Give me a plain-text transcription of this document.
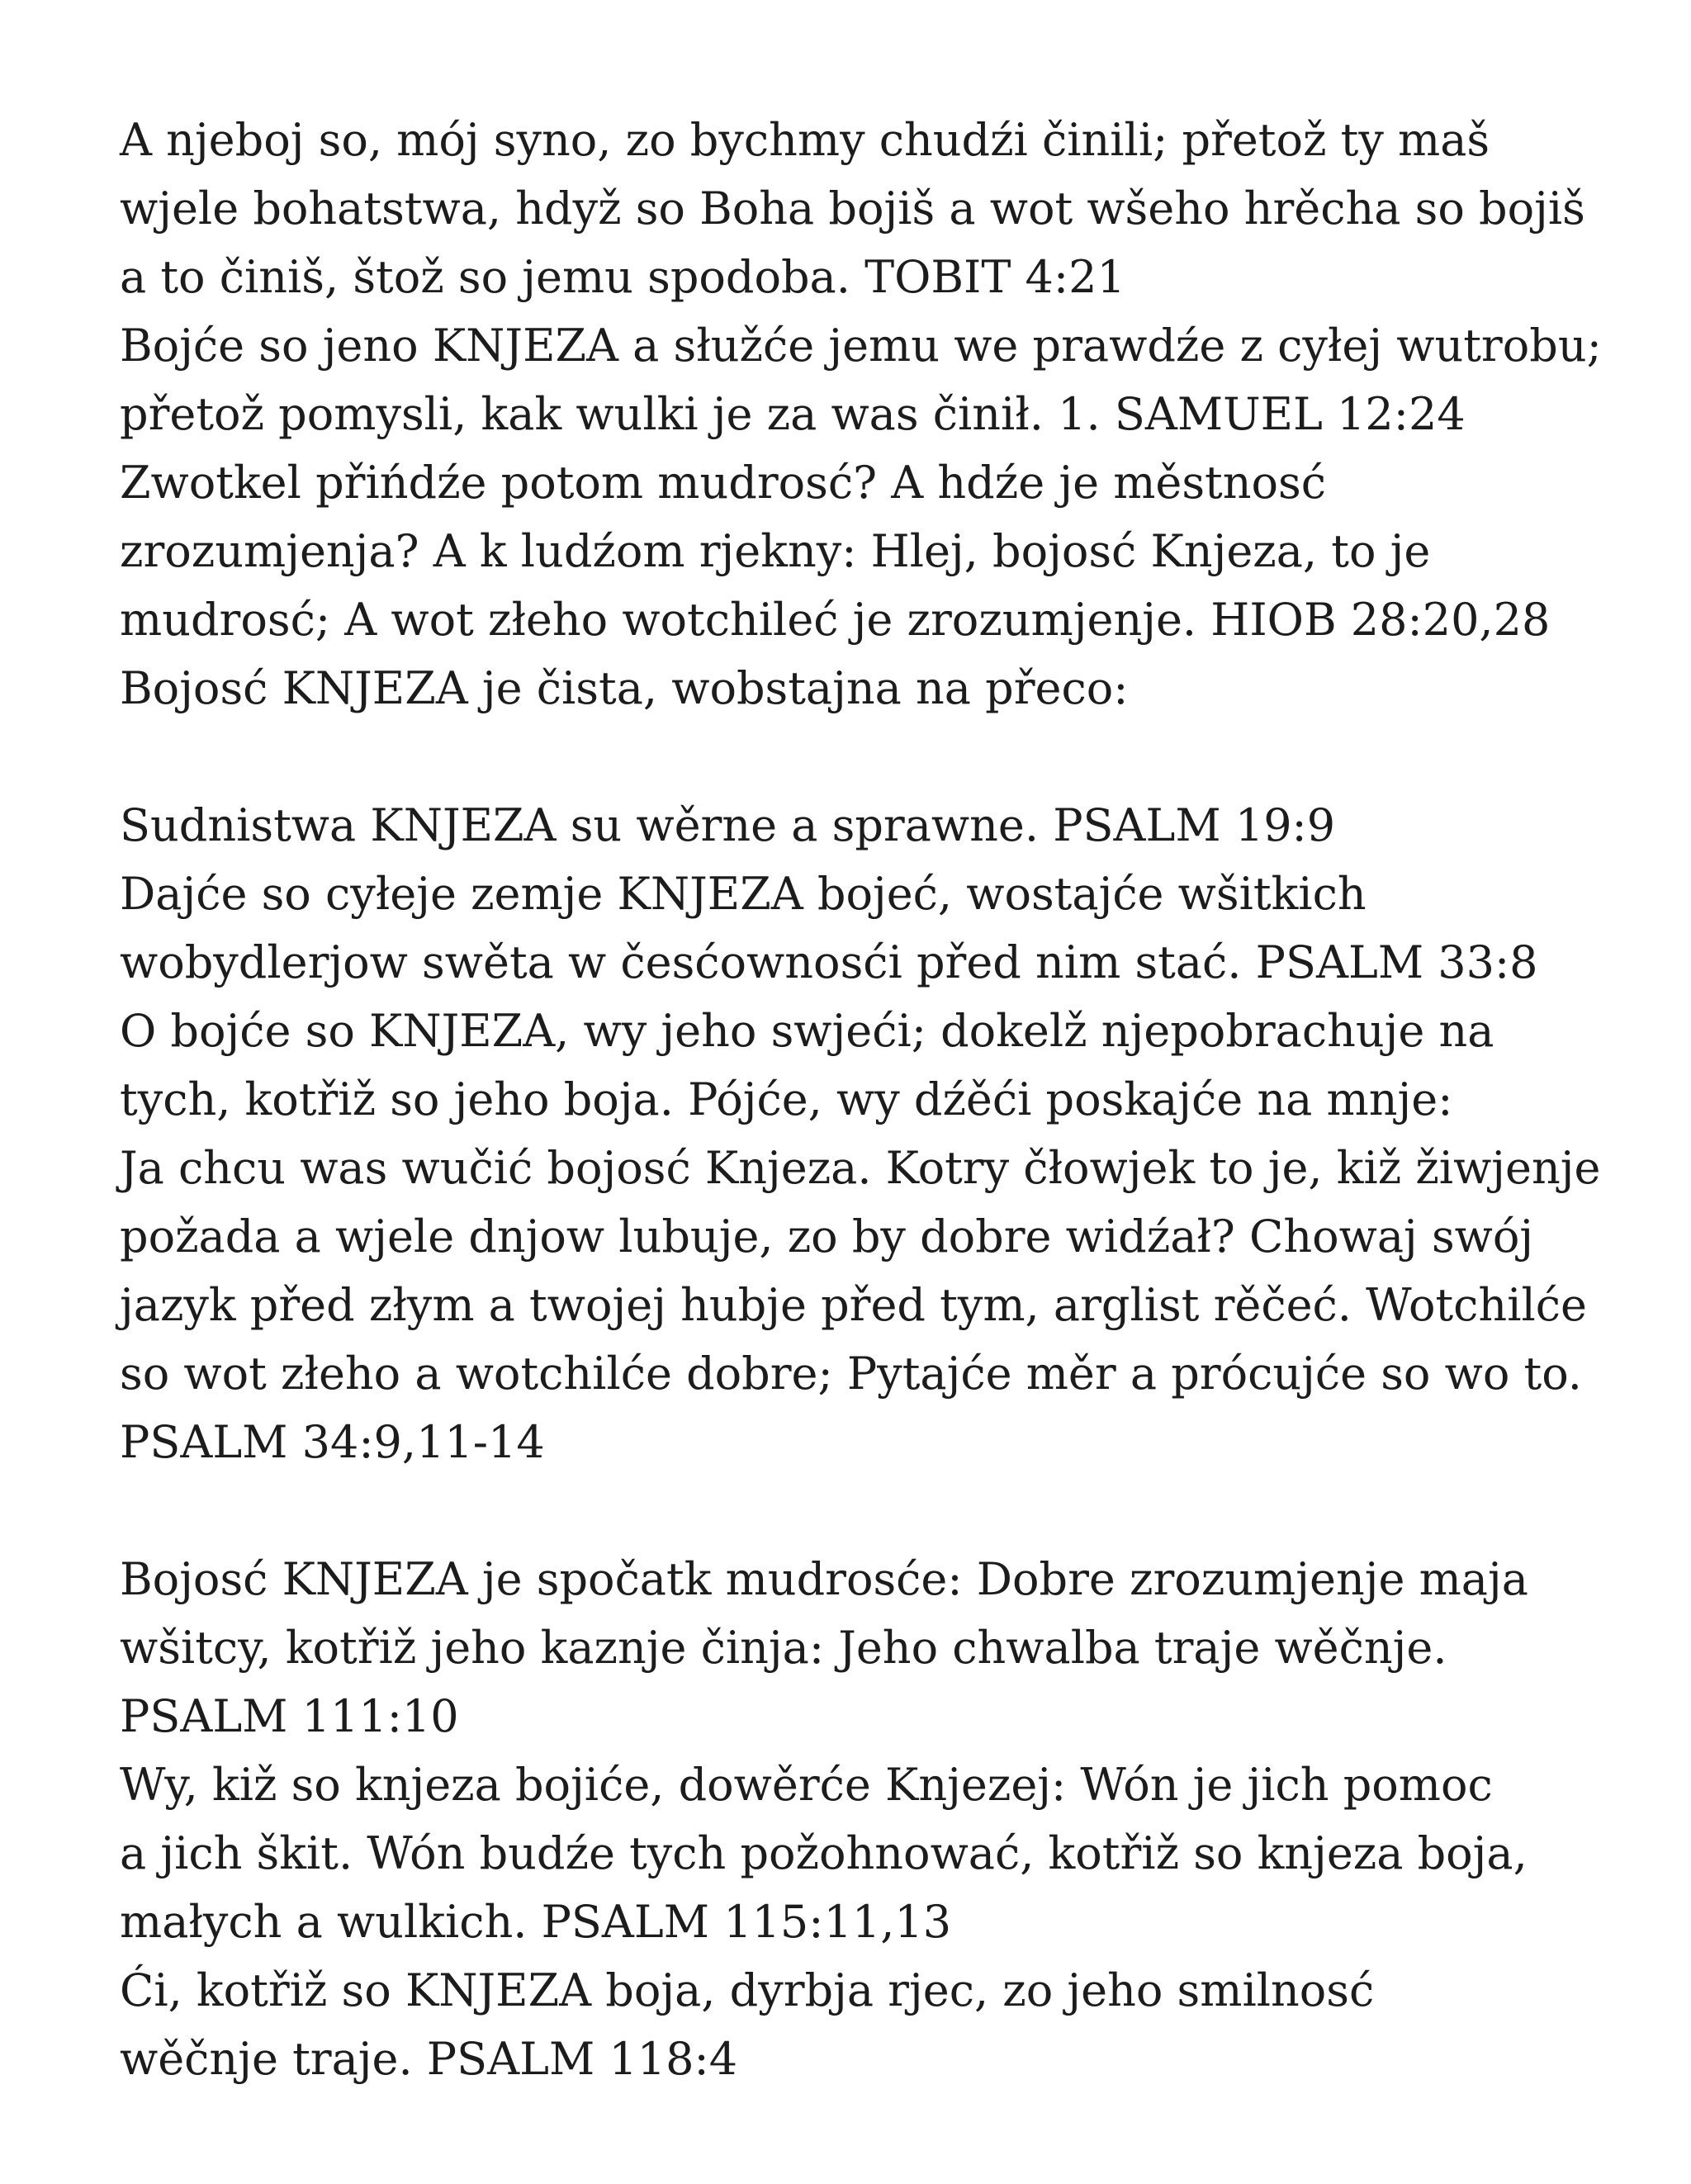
A njeboj so, mój syno, zo bychmy chudźi činili; přetož ty maš
wjele bohatstwa, hdyž so Boha bojiš a wot wšeho hrěcha so bojiš
a to činiš, štož so jemu spodoba. TOBIT 4:21
Bojće so jeno KNJEZA a słužće jemu we prawdźe z cyłej wutrobu;
přetož pomysli, kak wulki je za was činił. 1. SAMUEL 12:24
Zwotkel přińdźe potom mudrosć? A hdźe je městnosć
zrozumjenja? A k ludźom rjekny: Hlej, bojosć Knjeza, to je
mudrosć; A wot złeho wotchileć je zrozumjenje. HIOB 28:20,28
Bojosć KNJEZA je čista, wobstajna na přeco:
Sudnistwa KNJEZA su wěrne a sprawne. PSALM 19:9
Dajće so cyłeje zemje KNJEZA bojeć, wostajće wšitkich
wobydlerjow swěta w česćownosći před nim stać. PSALM 33:8
O bojće so KNJEZA, wy jeho swjeći; dokelž njepobrachuje na
tych, kotřiž so jeho boja. Pójće, wy dźěći poskajće na mnje:
Ja chcu was wučić bojosć Knjeza. Kotry čłowjek to je, kiž žiwjenje
požada a wjele dnjow lubuje, zo by dobre widźał? Chowaj swój
jazyk před złym a twojej hubje před tym, arglist rěčeć. Wotchilće
so wot złeho a wotchilće dobre; Pytajće měr a prócujće so wo to.
PSALM 34:9,11-14
Bojosć KNJEZA je spočatk mudrosće: Dobre zrozumjenje maja
wšitcy, kotřiž jeho kaznje činja: Jeho chwalba traje wěčnje.
PSALM 111:10
Wy, kiž so knjeza bojiće, dowěrće Knjezej: Wón je jich pomoc
a jich škit. Wón budźe tych požohnować, kotřiž so knjeza boja,
małych a wulkich. PSALM 115:11,13
Ći, kotřiž so KNJEZA boja, dyrbja rjec, zo jeho smilnosć
wěčnje traje. PSALM 118:4
